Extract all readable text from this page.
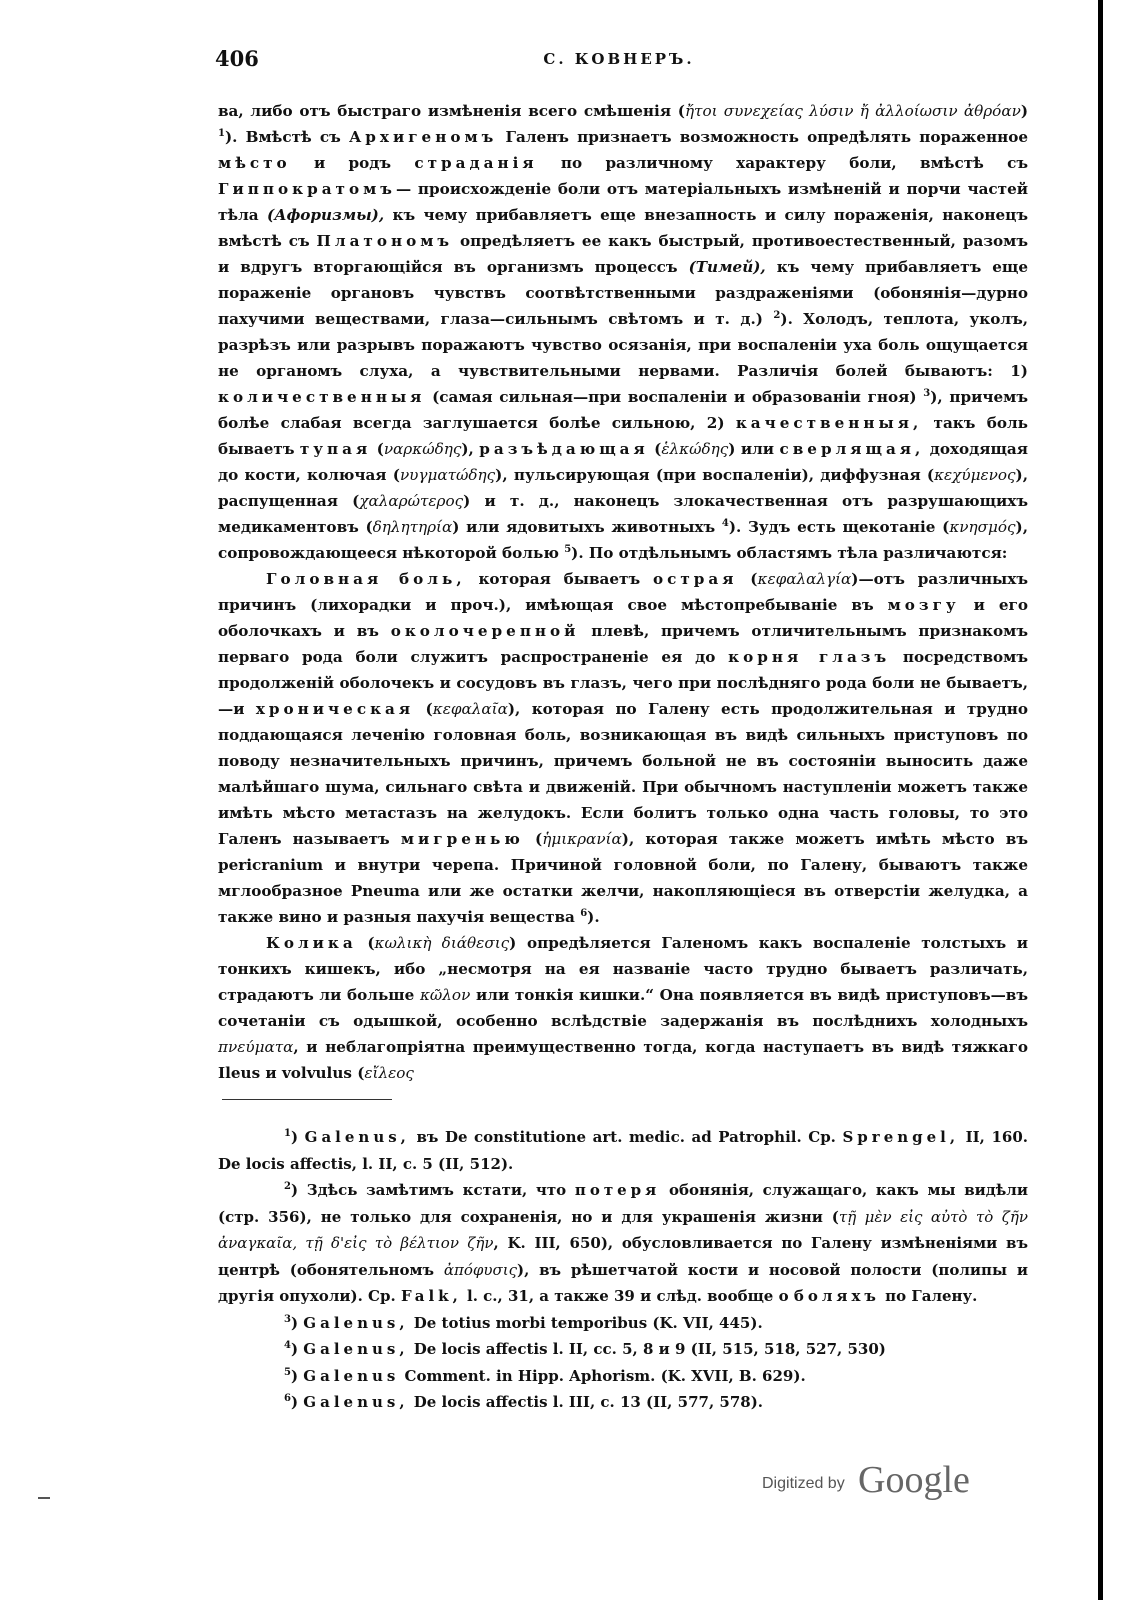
406	С. КОВНЕРЪ.

ва, либо отъ быстраго измѣненія всего смѣшенія (ἤτοι συνεχείας λύσιν ἤ ἀλλοίωσιν ἀθρόαν) $^1$). Вмѣстѣ съ Архигеномъ Галенъ признаетъ возможность опредѣлять пораженное мѣсто и родъ страданія по различному характеру боли, вмѣстѣ съ Гиппократомъ— происхожденіе боли отъ матеріальныхъ измѣненій и порчи частей тѣла (Афоризмы), къ чему прибавляетъ еще внезапность и силу пораженія, наконецъ вмѣстѣ съ Платономъ опредѣляетъ ее какъ быстрый, противоестественный, разомъ и вдругъ вторгающійся въ организмъ процессъ (Тимей), къ чему прибавляетъ еще пораженіе органовъ чувствъ соотвѣтственными раздраженіями (обонянія—дурно пахучими веществами, глаза—сильнымъ свѣтомъ и т. д.) $^2$). Холодъ, теплота, уколъ, разрѣзъ или разрывъ поражаютъ чувство осязанія, при воспаленіи уха боль ощущается не органомъ слуха, а чувствительными нервами. Различія болей бываютъ: 1) количественныя (самая сильная—при воспаленіи и образованіи гноя) $^3$), причемъ болѣе слабая всегда заглушается болѣе сильною, 2) качественныя, такъ боль бываетъ тупая (ναρκώδης), разъѣдающая (ἑλκώδης) или сверлящая, доходящая до кости, колючая (νυγματώδης), пульсирующая (при воспаленіи), диффузная (κεχύμενος), распущенная (χαλαρώτερος) и т. д., наконецъ злокачественная отъ разрушающихъ медикаментовъ (δηλητηρία) или ядовитыхъ животныхъ $^4$). Зудъ есть щекотаніе (κνησμός), сопровождающееся нѣкоторой болью $^5$). По отдѣльнымъ областямъ тѣла различаются:

Головная боль, которая бываетъ острая (κεφαλαλγία)—отъ различныхъ причинъ (лихорадки и проч.), имѣющая свое мѣстопребываніе въ мозгу и его оболочкахъ и въ околочерепной плевѣ, причемъ отличительнымъ признакомъ перваго рода боли служитъ распространеніе ея до корня глазъ посредствомъ продолженій оболочекъ и сосудовъ въ глазъ, чего при послѣдняго рода боли не бываетъ,—и хроническая (κεφαλαῖα), которая по Галену есть продолжительная и трудно поддающаяся леченію головная боль, возникающая въ видѣ сильныхъ приступовъ по поводу незначительныхъ причинъ, причемъ больной не въ состояніи выносить даже малѣйшаго шума, сильнаго свѣта и движеній. При обычномъ наступленіи можетъ также имѣть мѣсто метастазъ на желудокъ. Если болитъ только одна часть головы, то это Галенъ называетъ мигренью (ἡμικρανία), которая также можетъ имѣть мѣсто въ pericranium и внутри черепа. Причиной головной боли, по Галену, бываютъ также мглообразное Pneuma или же остатки желчи, накопляющіеся въ отверстіи желудка, а также вино и разныя пахучія вещества $^6$).

Колика (κωλικὴ διάθεσις) опредѣляется Галеномъ какъ воспаленіе толстыхъ и тонкихъ кишекъ, ибо „несмотря на ея названіе часто трудно бываетъ различать, страдаютъ ли больше κῶλον или тонкія кишки.“ Она появляется въ видѣ приступовъ—въ сочетаніи съ одышкой, особенно вслѣдствіе задержанія въ послѣднихъ холодныхъ πνεύματα, и неблагопріятна преимущественно тогда, когда наступаетъ въ видѣ тяжкаго Ileus и volvulus (εἴλεος

$^1$) Galenus, въ De constitutione art. medic. ad Patrophil. Cp. Sprengel, II, 160. De locis affectis, l. II, c. 5 (II, 512).

$^2$) Здѣсь замѣтимъ кстати, что потеря обонянія, служащаго, какъ мы видѣли (стр. 356), не только для сохраненія, но и для украшенія жизни (τῇ μὲν εἰς αὐτὸ τὸ ζῆν ἀναγκαῖα, τῇ δ'εἰς τὸ βέλτιον ζῆν, K. III, 650), обусловливается по Галену измѣненіями въ центрѣ (обонятельномъ ἀπόφυσις), въ рѣшетчатой кости и носовой полости (полипы и другія опухоли). Cp. Falk, l. c., 31, а также 39 и слѣд. вообще о боляхъ по Галену.

$^3$) Galenus, De totius morbi temporibus (K. VII, 445).

$^4$) Galenus, De locis affectis l. II, cc. 5, 8 и 9 (II, 515, 518, 527, 530)

$^5$) Galenus Comment. in Hipp. Aphorism. (K. XVII, B. 629).

$^6$) Galenus, De locis affectis l. III, c. 13 (II, 577, 578).

Digitized by Google
